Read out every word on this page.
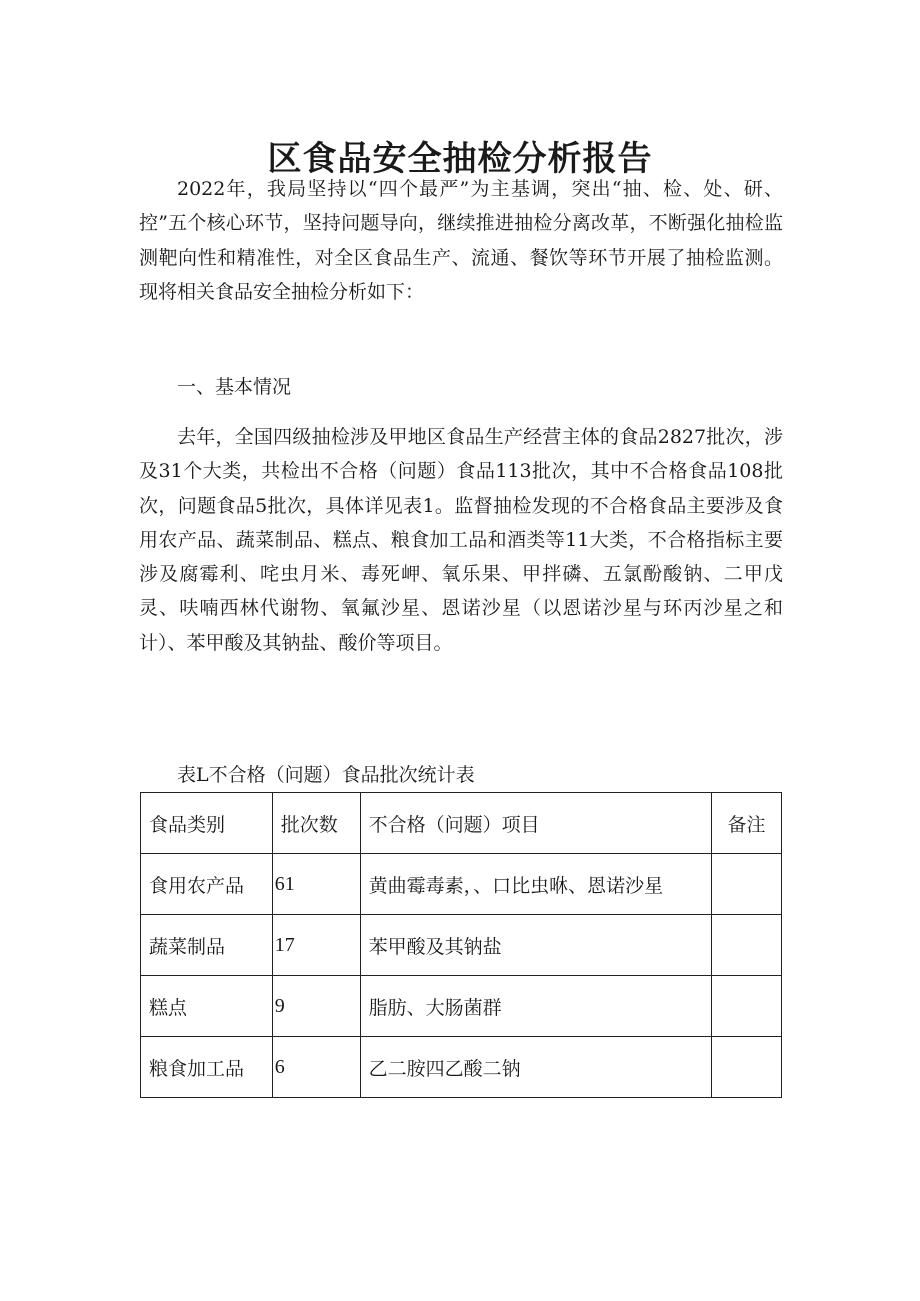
区食品安全抽检分析报告

2022年，我局坚持以“四个最严”为主基调，突出“抽、检、处、研、控”五个核心环节，坚持问题导向，继续推进抽检分离改革，不断强化抽检监测靶向性和精准性，对全区食品生产、流通、餐饮等环节开展了抽检监测。现将相关食品安全抽检分析如下：

一、基本情况

去年，全国四级抽检涉及甲地区食品生产经营主体的食品2827批次，涉及31个大类，共检出不合格（问题）食品113批次，其中不合格食品108批次，问题食品5批次，具体详见表1。监督抽检发现的不合格食品主要涉及食用农产品、蔬菜制品、糕点、粮食加工品和酒类等11大类，不合格指标主要涉及腐霉利、咤虫月米、毒死岬、氧乐果、甲拌磷、五氯酚酸钠、二甲戊灵、呋喃西林代谢物、氧氟沙星、恩诺沙星（以恩诺沙星与环丙沙星之和计）、苯甲酸及其钠盐、酸价等项目。

表L不合格（问题）食品批次统计表

食品类别	批次数	不合格（问题）项目	备注
食用农产品	61	黄曲霉毒素，、口比虫咻、恩诺沙星	
蔬菜制品	17	苯甲酸及其钠盐	
糕点	9	脂肪、大肠菌群	
粮食加工品	6	乙二胺四乙酸二钠	
